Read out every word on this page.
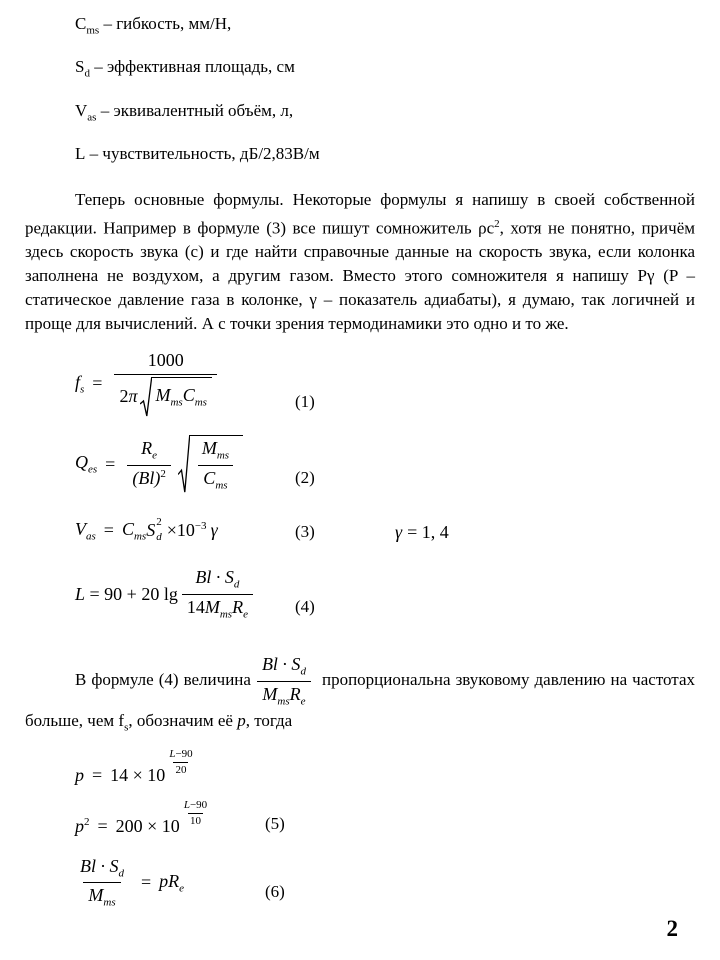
$C_{ms}$ – гибкость, мм/Н,
$S_d$ – эффективная площадь, см
$V_{as}$ – эквивалентный объём, л,
L – чувствительность, дБ/2,83В/м

Теперь основные формулы. Некоторые формулы я напишу в своей собственной редакции. Например в формуле (3) все пишут сомножитель $\rho с^2$, хотя не понятно, причём здесь скорость звука (с) и где найти справочные данные на скорость звука, если колонка заполнена не воздухом, а другим газом. Вместо этого сомножителя я напишу Pγ (P – статическое давление газа в колонке, γ – показатель адиабаты), я думаю, так логичней и проще для вычислений. А с точки зрения термодинамики это одно и то же.

$f_s = \frac{1000}{2\pi M_{ms}C_{ms}}$	(1)
$Q_{es} = \frac{R_e}{(Bl)^2} \frac{M_{ms}}{C_{ms}}$	(2)
$V_{as} = C_{ms}$ S 2
$d \times 10^{-3}$ γ	(3)	γ = 1, 4
L = 90 + 20 $\lg \frac{Bl \cdot S_d}{14M_{ms}R_e} (4)$

В формуле (4) величина $\frac{Bl \cdot S_d}{M_{ms}R_e}$ пропорциональна звуковому давлению на частотах больше, чем $f_s$, обозначим её p, тогда

$p = 14 \times 10 \frac{L-90}{20}$
$p^2 = 200 \times 10 \frac{L-90}{10}$	(5)
$\frac{Bl \cdot S_d}{M_{ms}} = pR_e$	(6)
2
